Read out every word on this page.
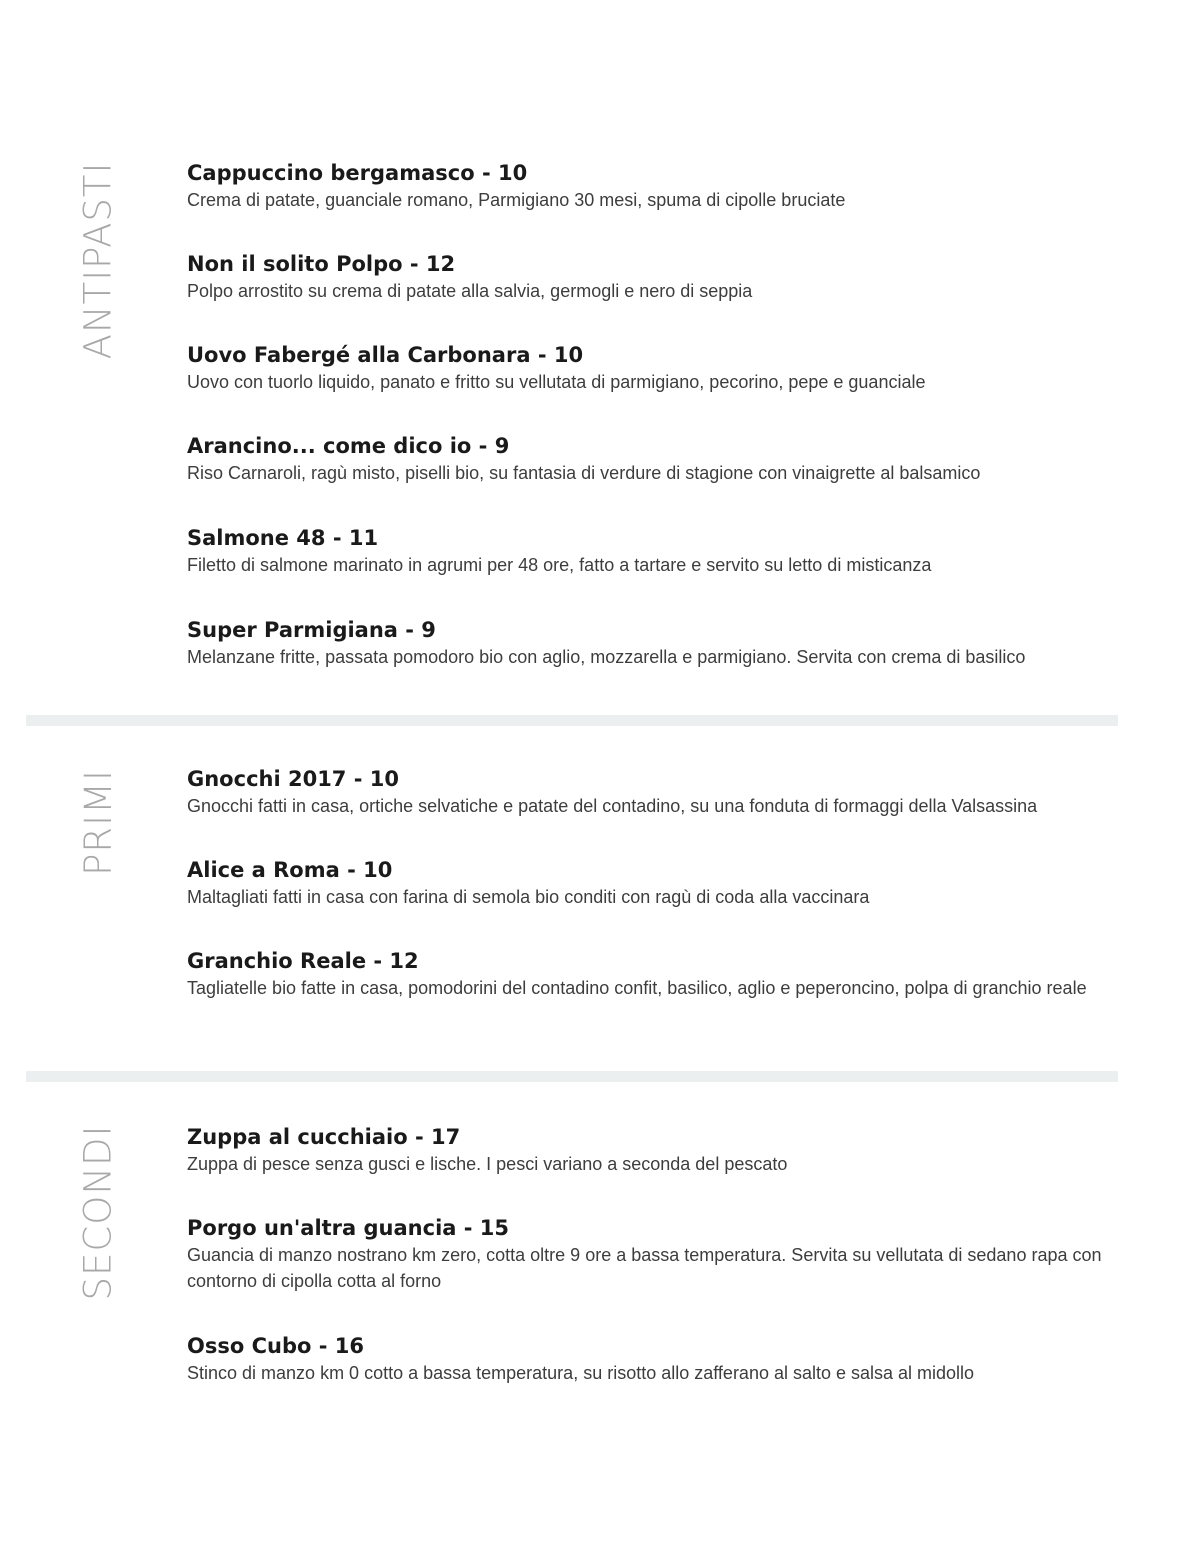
ANTIPASTI	Cappuccino bergamasco - 10
Crema di patate, guanciale romano, Parmigiano 30 mesi, spuma di cipolle bruciate
Non il solito Polpo - 12
Polpo arrostito su crema di patate alla salvia, germogli e nero di seppia
Uovo Fabergé alla Carbonara - 10
Uovo con tuorlo liquido, panato e fritto su vellutata di parmigiano, pecorino, pepe e guanciale
Arancino... come dico io - 9
Riso Carnaroli, ragù misto, piselli bio, su fantasia di verdure di stagione con vinaigrette al balsamico
Salmone 48 - 11
Filetto di salmone marinato in agrumi per 48 ore, fatto a tartare e servito su letto di misticanza
Super Parmigiana - 9
Melanzane fritte, passata pomodoro bio con aglio, mozzarella e parmigiano. Servita con crema di basilico
PRIMI	Gnocchi 2017 - 10
Gnocchi fatti in casa, ortiche selvatiche e patate del contadino, su una fonduta di formaggi della Valsassina
Alice a Roma - 10
Maltagliati fatti in casa con farina di semola bio conditi con ragù di coda alla vaccinara
Granchio Reale - 12
Tagliatelle bio fatte in casa, pomodorini del contadino confit, basilico, aglio e peperoncino, polpa di granchio reale
SECONDI	Zuppa al cucchiaio - 17
Zuppa di pesce senza gusci e lische. I pesci variano a seconda del pescato
Porgo un'altra guancia - 15
Guancia di manzo nostrano km zero, cotta oltre 9 ore a bassa temperatura. Servita su vellutata di sedano rapa con contorno di cipolla cotta al forno
Osso Cubo - 16
Stinco di manzo km 0 cotto a bassa temperatura, su risotto allo zafferano al salto e salsa al midollo
